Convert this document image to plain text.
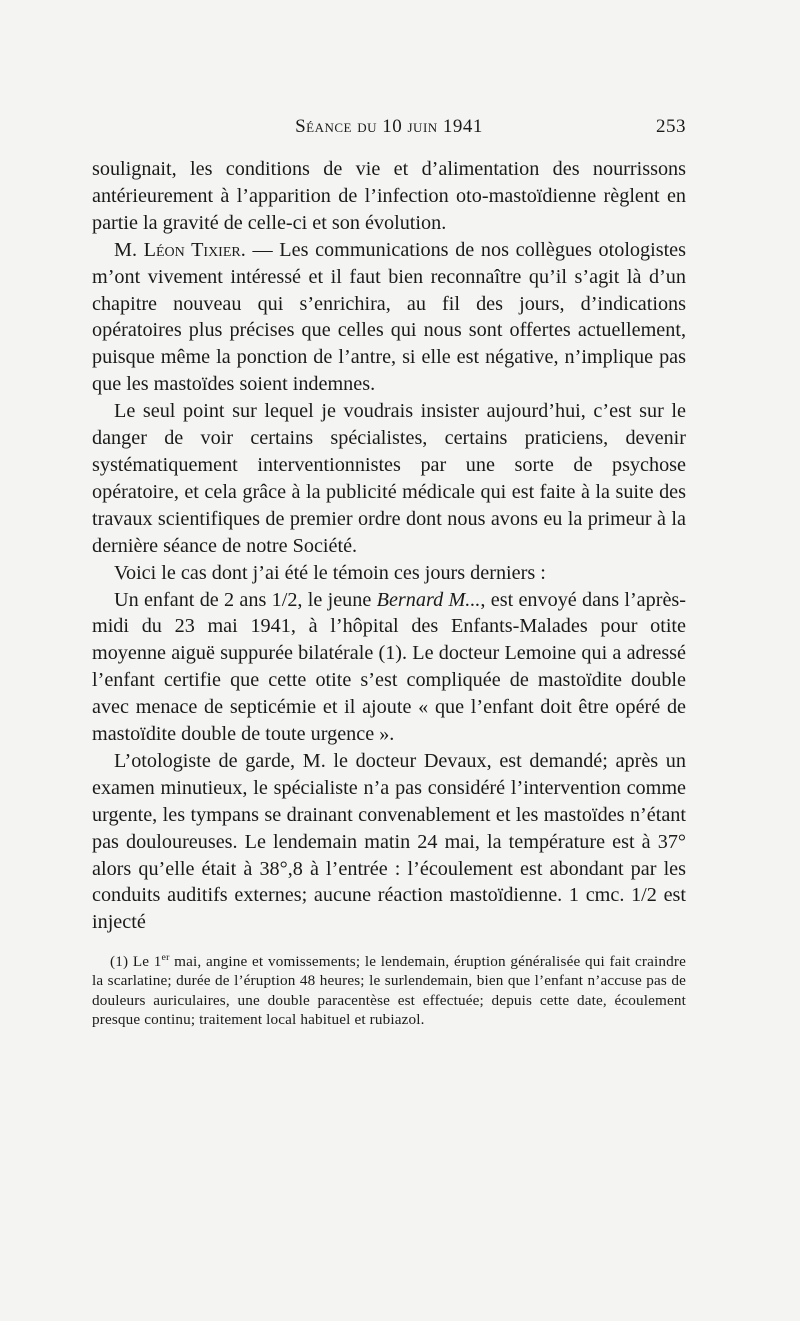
Séance du 10 juin 1941	253

soulignait, les conditions de vie et d’alimentation des nourrissons antérieurement à l’apparition de l’infection oto-mastoïdienne règlent en partie la gravité de celle-ci et son évolution.

M. Léon Tixier. — Les communications de nos collègues otologistes m’ont vivement intéressé et il faut bien reconnaître qu’il s’agit là d’un chapitre nouveau qui s’enrichira, au fil des jours, d’indications opératoires plus précises que celles qui nous sont offertes actuellement, puisque même la ponction de l’antre, si elle est négative, n’implique pas que les mastoïdes soient indemnes.

Le seul point sur lequel je voudrais insister aujourd’hui, c’est sur le danger de voir certains spécialistes, certains praticiens, devenir systématiquement interventionnistes par une sorte de psychose opératoire, et cela grâce à la publicité médicale qui est faite à la suite des travaux scientifiques de premier ordre dont nous avons eu la primeur à la dernière séance de notre Société.

Voici le cas dont j’ai été le témoin ces jours derniers :

Un enfant de 2 ans 1/2, le jeune Bernard M..., est envoyé dans l’après-midi du 23 mai 1941, à l’hôpital des Enfants-Malades pour otite moyenne aiguë suppurée bilatérale (1). Le docteur Lemoine qui a adressé l’enfant certifie que cette otite s’est compliquée de mastoïdite double avec menace de septicémie et il ajoute « que l’enfant doit être opéré de mastoïdite double de toute urgence ».

L’otologiste de garde, M. le docteur Devaux, est demandé; après un examen minutieux, le spécialiste n’a pas considéré l’intervention comme urgente, les tympans se drainant convenablement et les mastoïdes n’étant pas douloureuses. Le lendemain matin 24 mai, la température est à 37° alors qu’elle était à 38°,8 à l’entrée : l’écoulement est abondant par les conduits auditifs externes; aucune réaction mastoïdienne. 1 cmc. 1/2 est injecté

(1) Le 1er mai, angine et vomissements; le lendemain, éruption généralisée qui fait craindre la scarlatine; durée de l’éruption 48 heures; le surlendemain, bien que l’enfant n’accuse pas de douleurs auriculaires, une double paracentèse est effectuée; depuis cette date, écoulement presque continu; traitement local habituel et rubiazol.
